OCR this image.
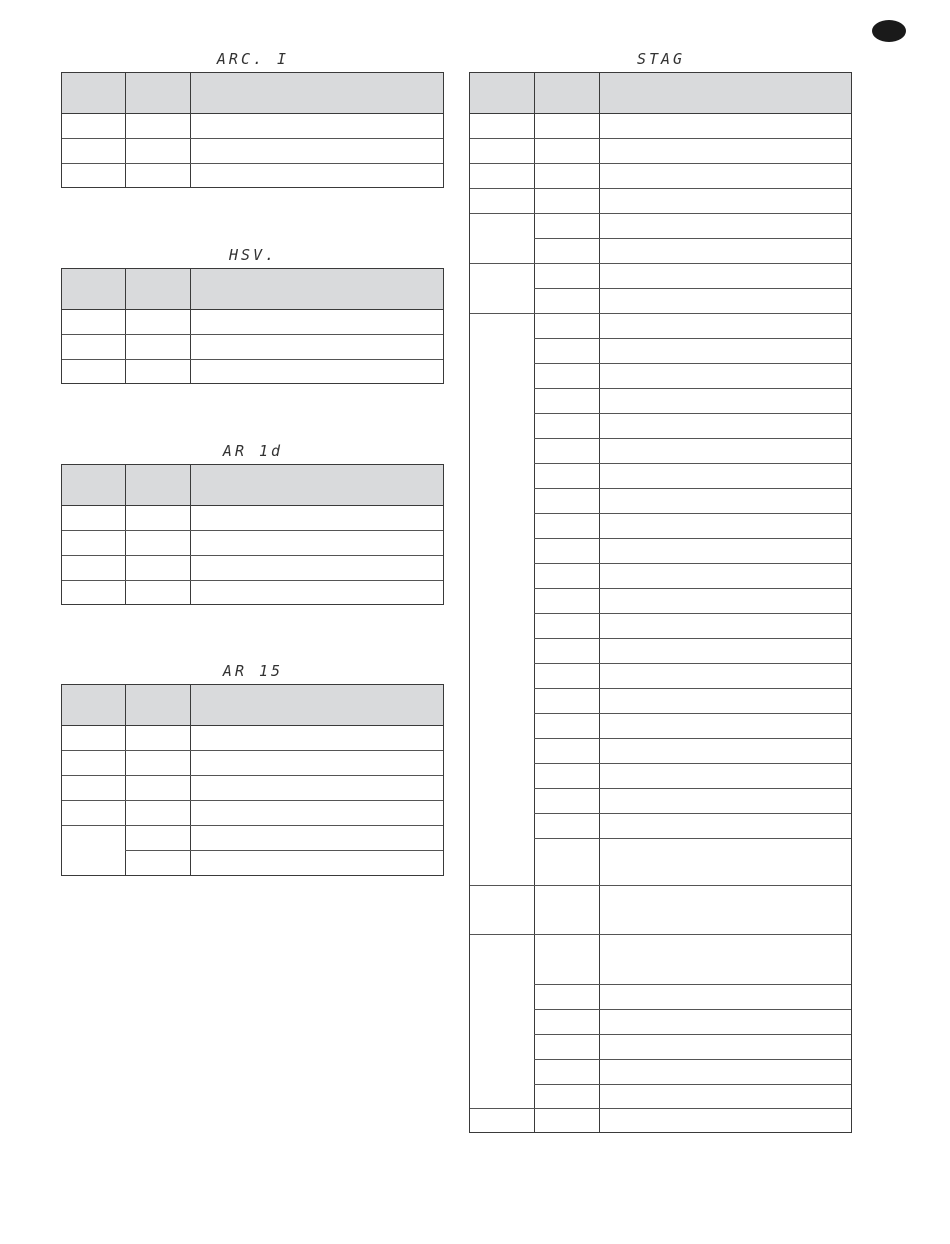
ARC. I
HSV.
AR 1d
AR 15
STAG
